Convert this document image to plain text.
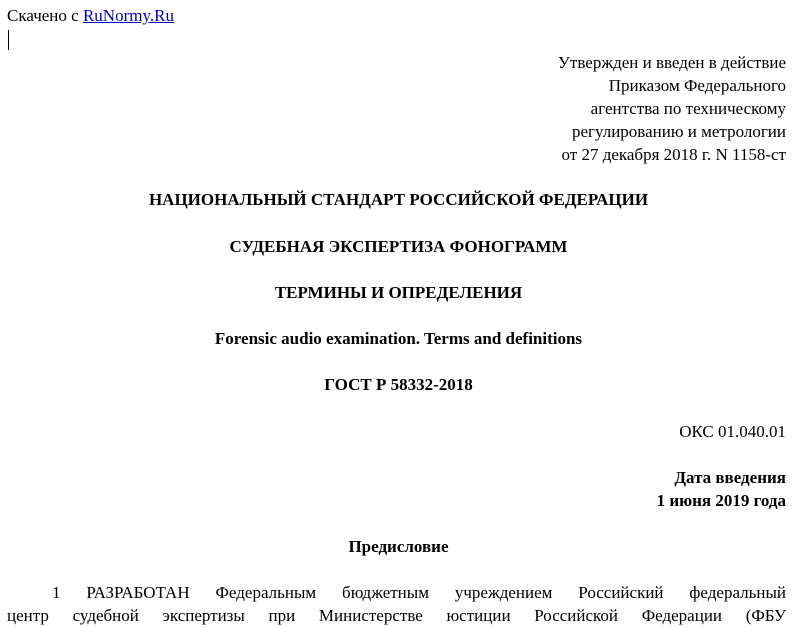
Скачено с RuNormy.Ru
Утвержден и введен в действие
Приказом Федерального
агентства по техническому
регулированию и метрологии
от 27 декабря 2018 г. N 1158-ст
НАЦИОНАЛЬНЫЙ СТАНДАРТ РОССИЙСКОЙ ФЕДЕРАЦИИ
СУДЕБНАЯ ЭКСПЕРТИЗА ФОНОГРАММ
ТЕРМИНЫ И ОПРЕДЕЛЕНИЯ
Forensic audio examination. Terms and definitions
ГОСТ Р 58332-2018
ОКС 01.040.01
Дата введения
1 июня 2019 года
Предисловие
1 РАЗРАБОТАН Федеральным бюджетным учреждением Российский федеральный
центр судебной экспертизы при Министерстве юстиции Российской Федерации (ФБУ
